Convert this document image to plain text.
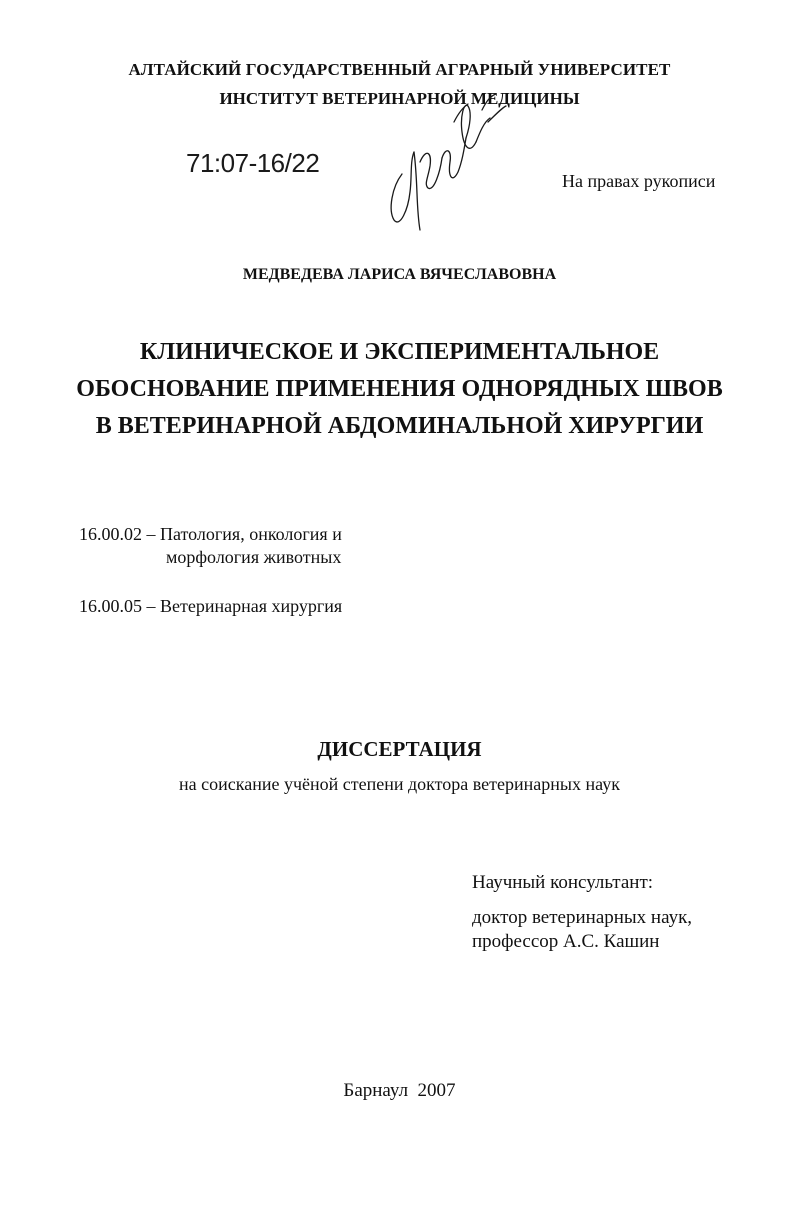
АЛТАЙСКИЙ ГОСУДАРСТВЕННЫЙ АГРАРНЫЙ УНИВЕРСИТЕТ
ИНСТИТУТ ВЕТЕРИНАРНОЙ МЕДИЦИНЫ
71:07-16/22
На правах рукописи
МЕДВЕДЕВА ЛАРИСА ВЯЧЕСЛАВОВНА
КЛИНИЧЕСКОЕ И ЭКСПЕРИМЕНТАЛЬНОЕ
ОБОСНОВАНИЕ ПРИМЕНЕНИЯ ОДНОРЯДНЫХ ШВОВ
В ВЕТЕРИНАРНОЙ АБДОМИНАЛЬНОЙ ХИРУРГИИ
16.00.02 – Патология, онкология и
морфология животных
16.00.05 – Ветеринарная хирургия
ДИССЕРТАЦИЯ
на соискание учёной степени доктора ветеринарных наук
Научный консультант:
доктор ветеринарных наук,
профессор А.С. Кашин
Барнаул  2007
